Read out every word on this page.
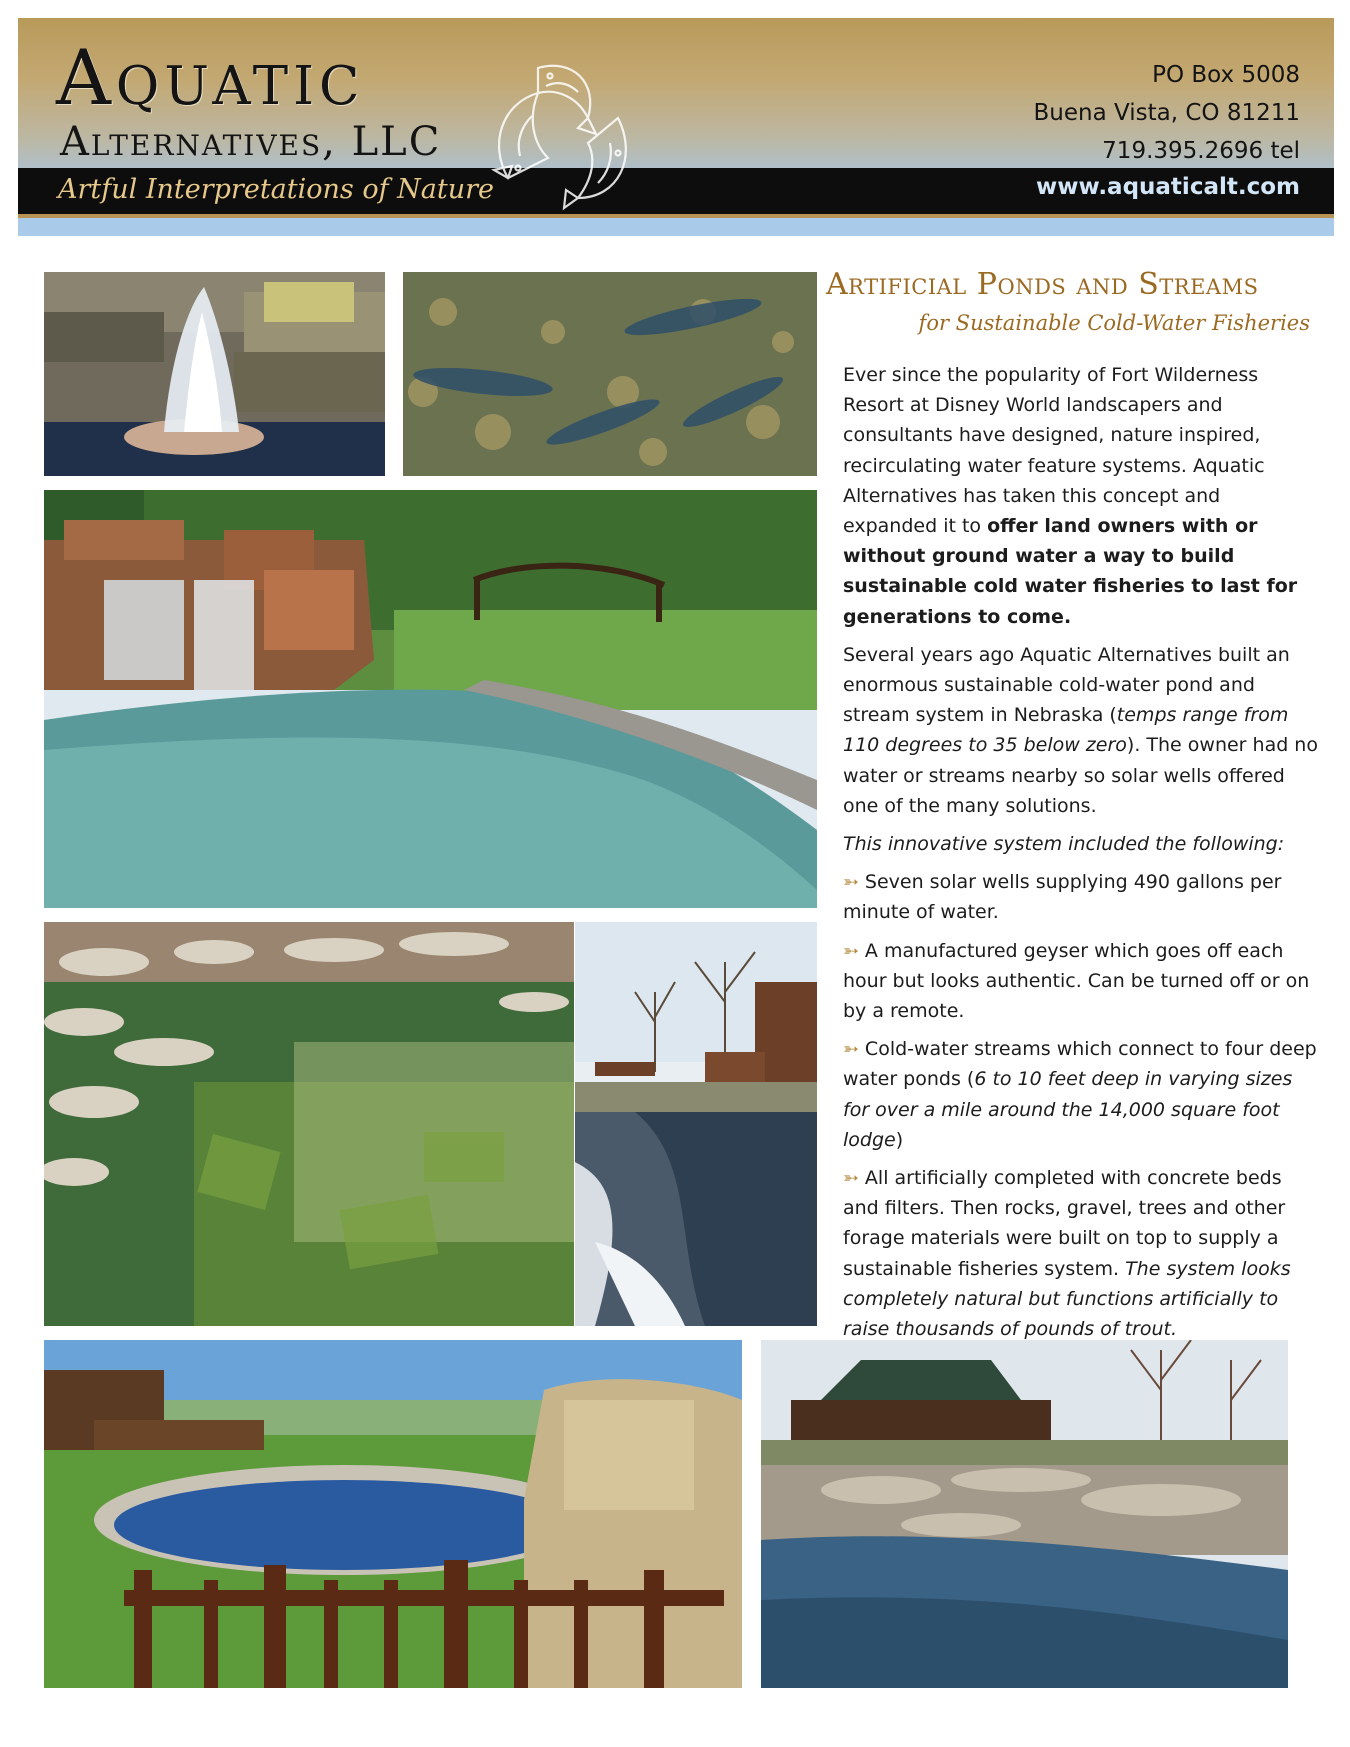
Aquatic
Alternatives, LLC
Artful Interpretations of Nature
PO Box 5008
Buena Vista, CO 81211
719.395.2696 tel
www.aquaticalt.com
Artificial Ponds and Streams
for Sustainable Cold-Water Fisheries

Ever since the popularity of Fort Wilderness Resort at Disney World landscapers and consultants have designed, nature inspired, recirculating water feature systems. Aquatic Alternatives has taken this concept and expanded it to offer land owners with or without ground water a way to build sustainable cold water fisheries to last for generations to come.

Several years ago Aquatic Alternatives built an enormous sustainable cold-water pond and stream system in Nebraska (temps range from 110 degrees to 35 below zero). The owner had no water or streams nearby so solar wells offered one of the many solutions.

This innovative system included the following:

➳ Seven solar wells supplying 490 gallons per minute of water.

➳ A manufactured geyser which goes off each hour but looks authentic. Can be turned off or on by a remote.

➳ Cold-water streams which connect to four deep water ponds (6 to 10 feet deep in varying sizes for over a mile around the 14,000 square foot lodge)

➳ All artificially completed with concrete beds and filters. Then rocks, gravel, trees and other forage materials were built on top to supply a sustainable fisheries system. The system looks completely natural but functions artificially to raise thousands of pounds of trout.
